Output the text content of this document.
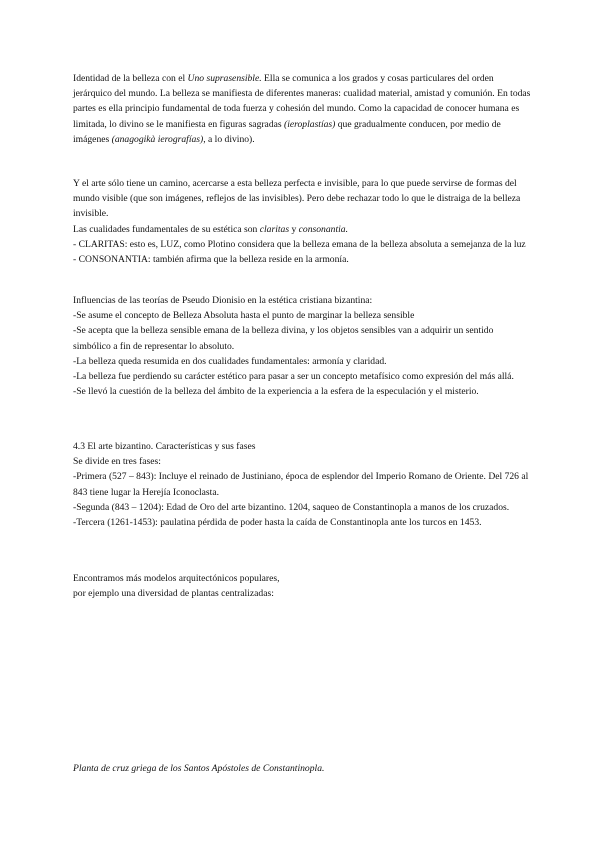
Identidad de la belleza con el Uno suprasensible. Ella se comunica a los grados y cosas particulares del orden jerárquico del mundo. La belleza se manifiesta de diferentes maneras: cualidad material, amistad y comunión. En todas partes es ella principio fundamental de toda fuerza y cohesión del mundo. Como la capacidad de conocer humana es limitada, lo divino se le manifiesta en figuras sagradas (ieroplastías) que gradualmente conducen, por medio de imágenes (anagogikà ierografías), a lo divino).

Y el arte sólo tiene un camino, acercarse a esta belleza perfecta e invisible, para lo que puede servirse de formas del mundo visible (que son imágenes, reflejos de las invisibles). Pero debe rechazar todo lo que le distraiga de la belleza invisible.

Las cualidades fundamentales de su estética son claritas y consonantia.

- CLARITAS: esto es, LUZ, como Plotino considera que la belleza emana de la belleza absoluta a semejanza de la luz

- CONSONANTIA: también afirma que la belleza reside en la armonía.

Influencias de las teorías de Pseudo Dionisio en la estética cristiana bizantina:

-Se asume el concepto de Belleza Absoluta hasta el punto de marginar la belleza sensible

-Se acepta que la belleza sensible emana de la belleza divina, y los objetos sensibles van a adquirir un sentido simbólico a fin de representar lo absoluto.

-La belleza queda resumida en dos cualidades fundamentales: armonía y claridad.

-La belleza fue perdiendo su carácter estético para pasar a ser un concepto metafísico como expresión del más allá.

-Se llevó la cuestión de la belleza del ámbito de la experiencia a la esfera de la especulación y el misterio.

4.3 El arte bizantino. Características y sus fases

Se divide en tres fases:

-Primera (527 – 843): Incluye el reinado de Justiniano, época de esplendor del Imperio Romano de Oriente. Del 726 al 843 tiene lugar la Herejía Iconoclasta.

-Segunda (843 – 1204): Edad de Oro del arte bizantino. 1204, saqueo de Constantinopla a manos de los cruzados.

-Tercera (1261-1453): paulatina pérdida de poder hasta la caída de Constantinopla ante los turcos en 1453.

Encontramos más modelos arquitectónicos populares,

por ejemplo una diversidad de plantas centralizadas:

Planta de cruz griega de los Santos Apóstoles de Constantinopla.
